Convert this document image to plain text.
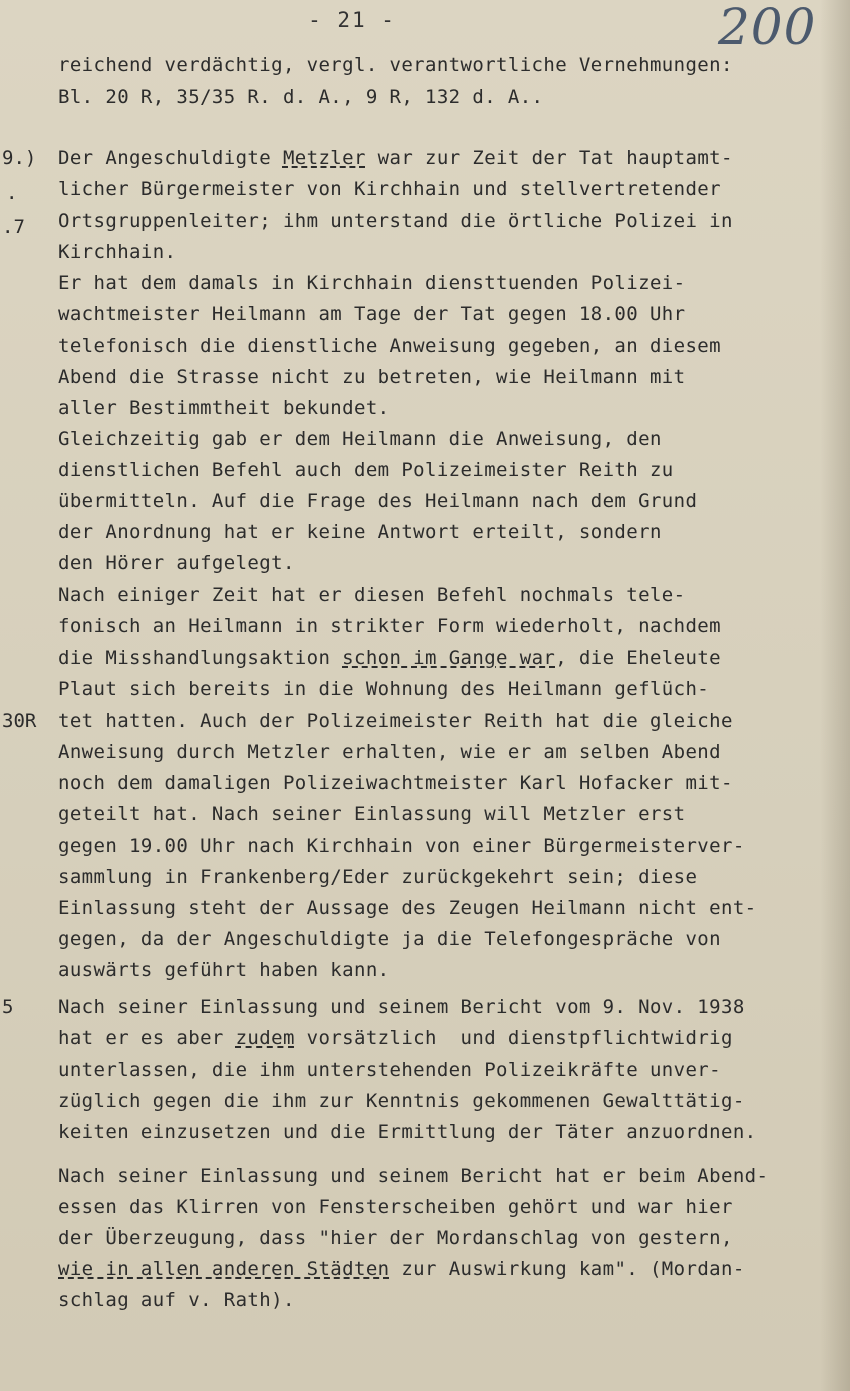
- 21 -	200
reichend verdächtig, vergl. verantwortliche Vernehmungen:
Bl. 20 R, 35/35 R. d. A., 9 R, 132 d. A..
9.) Der Angeschuldigte Metzler war zur Zeit der Tat hauptamt-
. licher Bürgermeister von Kirchhain und stellvertretender
.7 Ortsgruppenleiter; ihm unterstand die örtliche Polizei in
Kirchhain.
Er hat dem damals in Kirchhain diensttuenden Polizei-
wachtmeister Heilmann am Tage der Tat gegen 18.00 Uhr
telefonisch die dienstliche Anweisung gegeben, an diesem
Abend die Strasse nicht zu betreten, wie Heilmann mit
aller Bestimmtheit bekundet.
Gleichzeitig gab er dem Heilmann die Anweisung, den
dienstlichen Befehl auch dem Polizeimeister Reith zu
übermitteln. Auf die Frage des Heilmann nach dem Grund
der Anordnung hat er keine Antwort erteilt, sondern
den Hörer aufgelegt.
Nach einiger Zeit hat er diesen Befehl nochmals tele-
fonisch an Heilmann in strikter Form wiederholt, nachdem
die Misshandlungsaktion schon im Gange war, die Eheleute
Plaut sich bereits in die Wohnung des Heilmann geflüch-
30R tet hatten. Auch der Polizeimeister Reith hat die gleiche
Anweisung durch Metzler erhalten, wie er am selben Abend
noch dem damaligen Polizeiwachtmeister Karl Hofacker mit-
geteilt hat. Nach seiner Einlassung will Metzler erst
gegen 19.00 Uhr nach Kirchhain von einer Bürgermeisterver-
sammlung in Frankenberg/Eder zurückgekehrt sein; diese
Einlassung steht der Aussage des Zeugen Heilmann nicht ent-
gegen, da der Angeschuldigte ja die Telefongespräche von
auswärts geführt haben kann.
5 Nach seiner Einlassung und seinem Bericht vom 9. Nov. 1938
hat er es aber zudem vorsätzlich  und dienstpflichtwidrig
unterlassen, die ihm unterstehenden Polizeikräfte unver-
züglich gegen die ihm zur Kenntnis gekommenen Gewalttätig-
keiten einzusetzen und die Ermittlung der Täter anzuordnen.
Nach seiner Einlassung und seinem Bericht hat er beim Abend-
essen das Klirren von Fensterscheiben gehört und war hier
der Überzeugung, dass "hier der Mordanschlag von gestern,
wie in allen anderen Städten zur Auswirkung kam". (Mordan-
schlag auf v. Rath).
